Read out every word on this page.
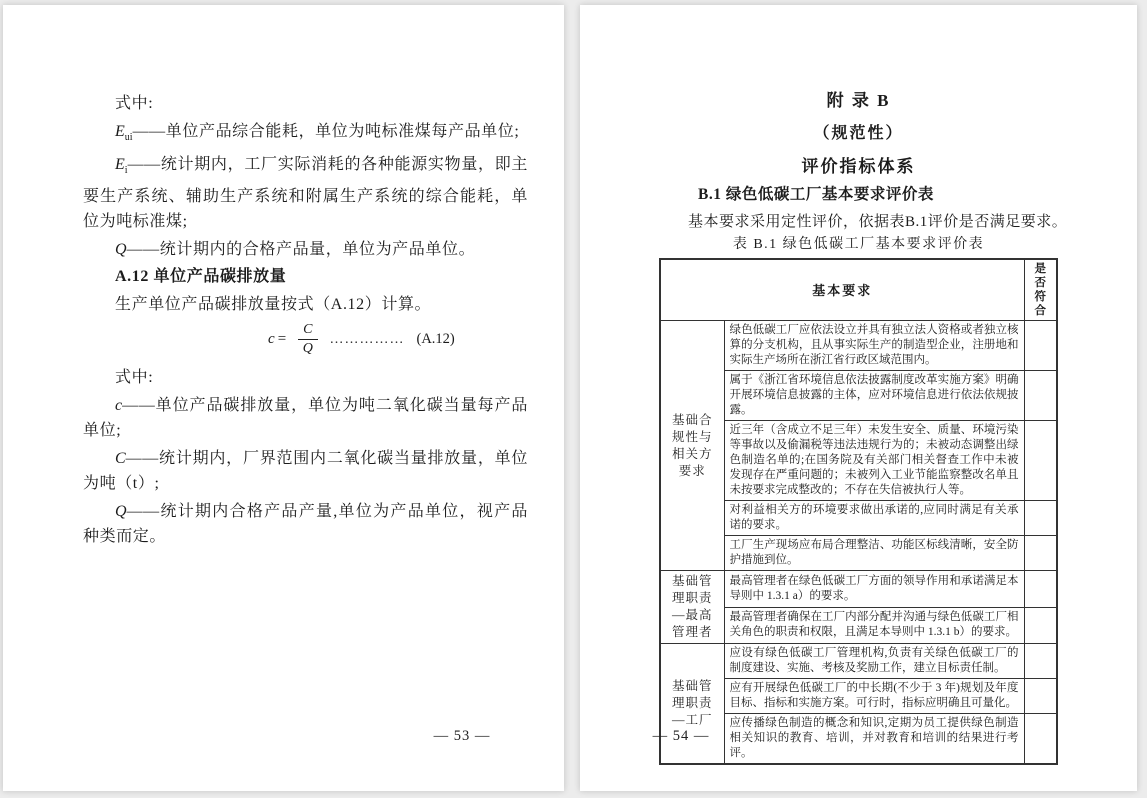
式中:

$E_{ui}——$单位产品综合能耗，单位为吨标准煤每产品单位;

$E_i——$统计期内，工厂实际消耗的各种能源实物量，即主要生产系统、辅助生产系统和附属生产系统的综合能耗，单位为吨标准煤;

Q——统计期内的合格产品量，单位为产品单位。

A.12 单位产品碳排放量

生产单位产品碳排放量按式（A.12）计算。

$c = \frac{C}{Q}$ …………… (A.12)

式中:

c——单位产品碳排放量，单位为吨二氧化碳当量每产品单位;

C——统计期内，厂界范围内二氧化碳当量排放量，单位为吨（t）;

Q——统计期内合格产品产量,单位为产品单位，视产品种类而定。

— 53 —
附 录 B
（规范性）
评价指标体系
B.1 绿色低碳工厂基本要求评价表
基本要求采用定性评价，依据表B.1评价是否满足要求。
表 B.1 绿色低碳工厂基本要求评价表
基本要求		是否符合
基础合规性与相关方要求	绿色低碳工厂应依法设立并具有独立法人资格或者独立核算的分支机构，且从事实际生产的制造型企业，注册地和实际生产场所在浙江省行政区域范围内。	
	属于《浙江省环境信息依法披露制度改革实施方案》明确开展环境信息披露的主体，应对环境信息进行依法依规披露。	
	近三年（含成立不足三年）未发生安全、质量、环境污染等事故以及偷漏税等违法违规行为的；未被动态调整出绿色制造名单的;在国务院及有关部门相关督查工作中未被发现存在严重问题的；未被列入工业节能监察整改名单且未按要求完成整改的；不存在失信被执行人等。	
	对利益相关方的环境要求做出承诺的,应同时满足有关承诺的要求。	
	工厂生产现场应布局合理整洁、功能区标线清晰，安全防护措施到位。	
基础管理职责—最高管理者	最高管理者在绿色低碳工厂方面的领导作用和承诺满足本导则中 1.3.1 a）的要求。	
	最高管理者确保在工厂内部分配并沟通与绿色低碳工厂相关角色的职责和权限，且满足本导则中 1.3.1 b）的要求。	
基础管理职责—工厂	应设有绿色低碳工厂管理机构,负责有关绿色低碳工厂的制度建设、实施、考核及奖励工作，建立目标责任制。	
	应有开展绿色低碳工厂的中长期(不少于 3 年)规划及年度目标、指标和实施方案。可行时，指标应明确且可量化。	
	应传播绿色制造的概念和知识,定期为员工提供绿色制造相关知识的教育、培训，并对教育和培训的结果进行考评。	
— 54 —
